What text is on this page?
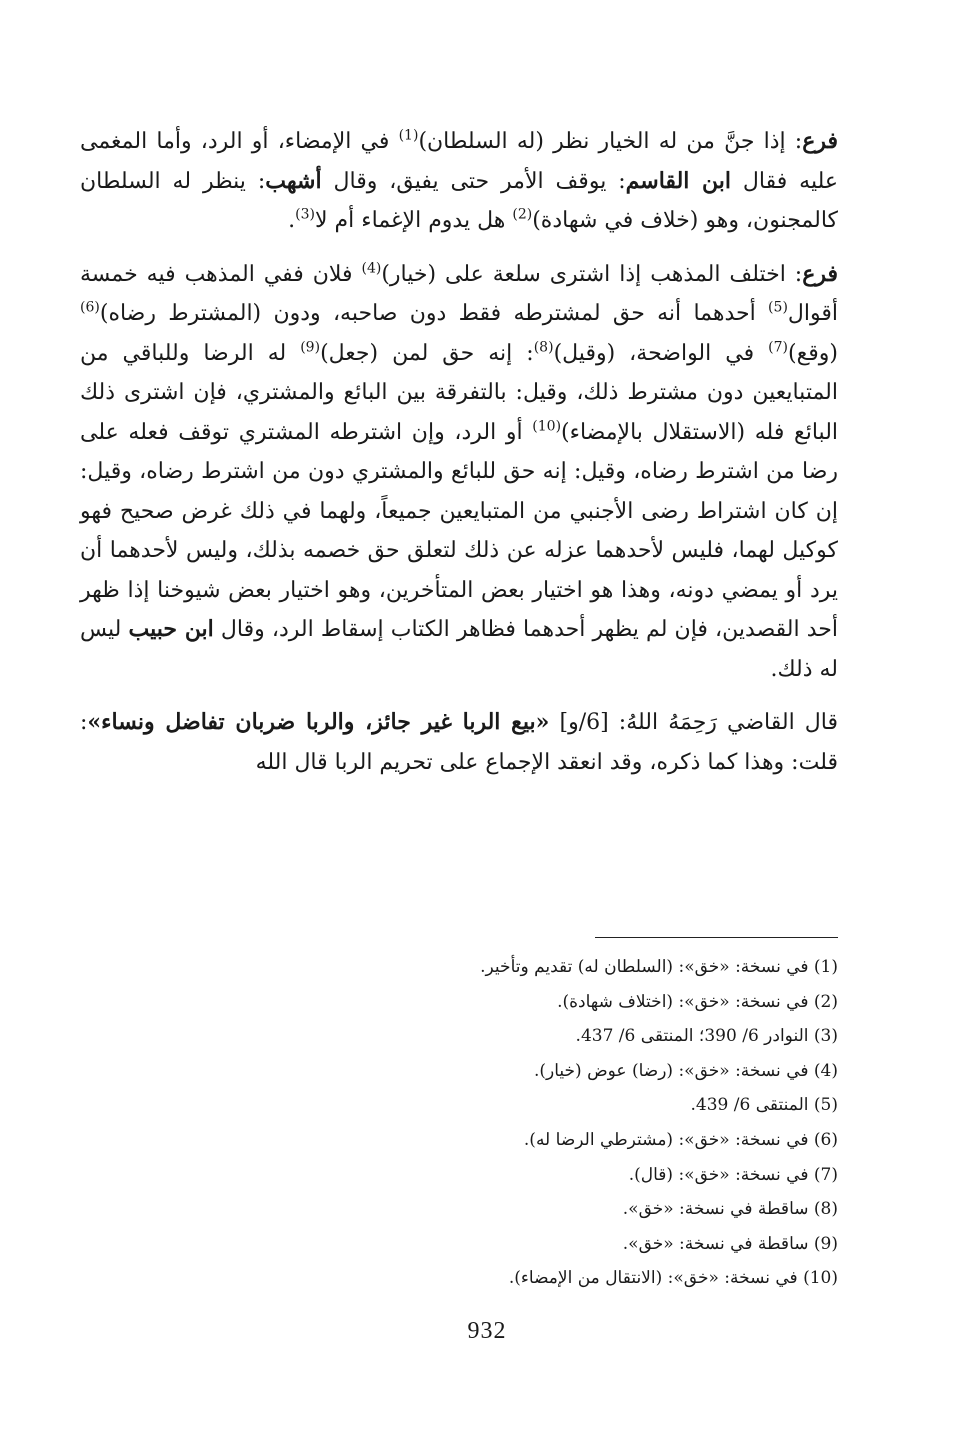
فرع: إذا جنَّ من له الخيار نظر (له السلطان)$^{(1)}$ في الإمضاء، أو الرد، وأما المغمى عليه فقال ابن القاسم: يوقف الأمر حتى يفيق، وقال أشهب: ينظر له السلطان كالمجنون، وهو (خلاف في شهادة)$^{(2)}$ هل يدوم الإغماء أم لا$^{(3)}$.

فرع: اختلف المذهب إذا اشترى سلعة على (خيار)$^{(4)}$ فلان ففي المذهب فيه خمسة أقوال$^{(5)}$ أحدهما أنه حق لمشترطه فقط دون صاحبه، ودون (المشترط رضاه)$^{(6)}$ (وقع)$^{(7)}$ في الواضحة، (وقيل)$^{(8)}$: إنه حق لمن (جعل)$^{(9)}$ له الرضا وللباقي من المتبايعين دون مشترط ذلك، وقيل: بالتفرقة بين البائع والمشتري، فإن اشترى ذلك البائع فله (الاستقلال بالإمضاء)$^{(10)}$ أو الرد، وإن اشترطه المشتري توقف فعله على رضا من اشترط رضاه، وقيل: إنه حق للبائع والمشتري دون من اشترط رضاه، وقيل: إن كان اشتراط رضى الأجنبي من المتبايعين جميعاً، ولهما في ذلك غرض صحيح فهو كوكيل لهما، فليس لأحدهما عزله عن ذلك لتعلق حق خصمه بذلك، وليس لأحدهما أن يرد أو يمضي دونه، وهذا هو اختيار بعض المتأخرين، وهو اختيار بعض شيوخنا إذا ظهر أحد القصدين، فإن لم يظهر أحدهما فظاهر الكتاب إسقاط الرد، وقال ابن حبيب ليس له ذلك.

قال القاضي رَحِمَهُ اللهُ: [6/و] «بيع الربا غير جائز، والربا ضربان تفاضل ونساء»: قلت: وهذا كما ذكره، وقد انعقد الإجماع على تحريم الربا قال الله

(1) في نسخة: «خق»: (السلطان له) تقديم وتأخير.
(2) في نسخة: «خق»: (اختلاف شهادة).
(3) النوادر 6/ 390؛ المنتقى 6/ 437.
(4) في نسخة: «خق»: (رضا) عوض (خيار).
(5) المنتقى 6/ 439.
(6) في نسخة: «خق»: (مشترطي الرضا له).
(7) في نسخة: «خق»: (قال).
(8) ساقطة في نسخة: «خق».
(9) ساقطة في نسخة: «خق».
(10) في نسخة: «خق»: (الانتقال من الإمضاء).
932
